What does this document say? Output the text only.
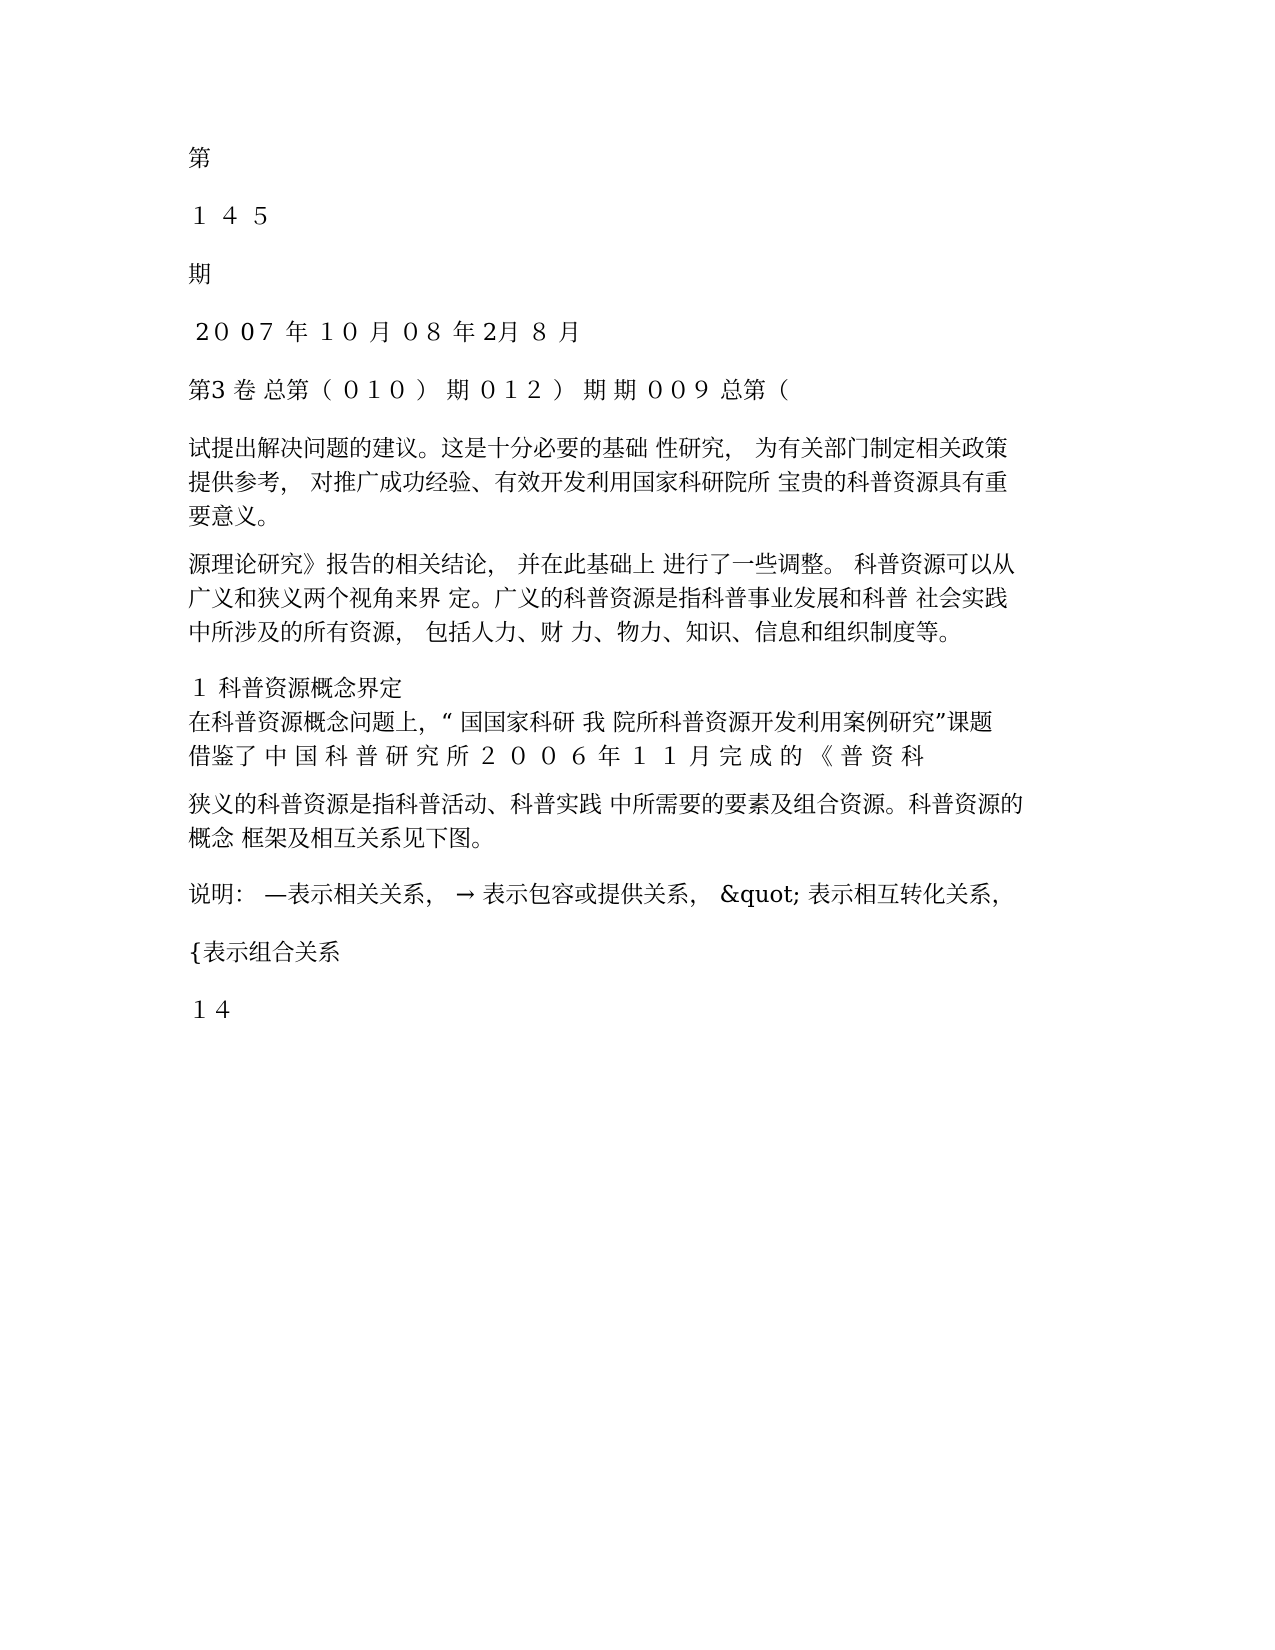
第
１ ４ ５
期
2０ 0７ 年 １０ 月 ０８ 年 2月 ８ 月
第3 卷 总第（ ０１０ ） 期 ０１２ ） 期 期 ００９ 总第（
试提出解决问题的建议。这是十分必要的基础 性研究， 为有关部门制定相关政策
提供参考， 对推广成功经验、有效开发利用国家科研院所 宝贵的科普资源具有重
要意义。
源理论研究》报告的相关结论， 并在此基础上 进行了一些调整。 科普资源可以从
广义和狭义两个视角来界 定。广义的科普资源是指科普事业发展和科普 社会实践
中所涉及的所有资源， 包括人力、财 力、物力、知识、信息和组织制度等。
１ 科普资源概念界定
在科普资源概念问题上，“ 国国家科研 我 院所科普资源开发利用案例研究”课题
借鉴了 中 国 科 普 研 究 所 ２ ０ ０ ６ 年 １ １ 月 完 成 的 《 普 资 科
狭义的科普资源是指科普活动、科普实践 中所需要的要素及组合资源。科普资源的
概念 框架及相互关系见下图。
说明： —表示相关关系， → 表示包容或提供关系， &quot; 表示相互转化关系，
{表示组合关系
１４
